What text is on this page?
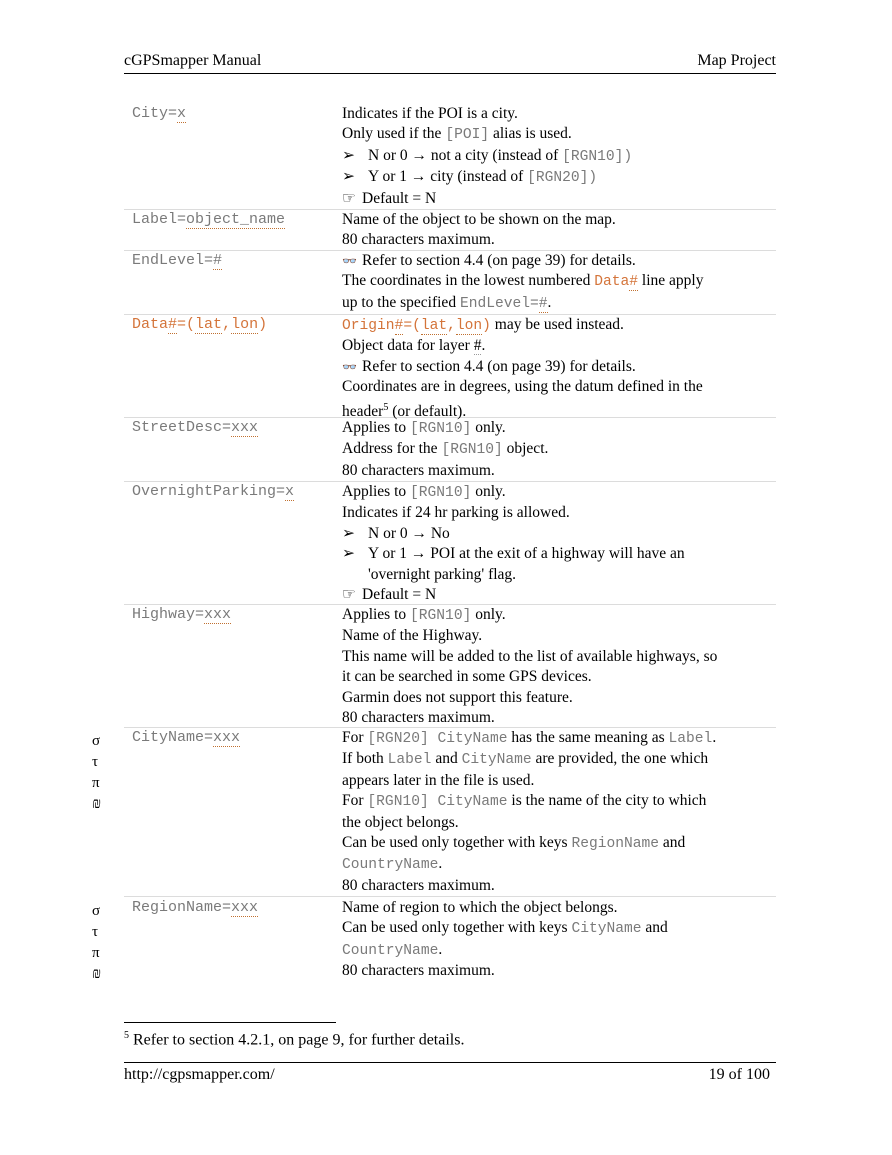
cGPSmapper Manual	Map Project
City=x	Indicates if the POI is a city.
Only used if the [POI] alias is used.
➢ N or 0 → not a city (instead of [RGN10])
➢ Y or 1 → city (instead of [RGN20])
☞ Default = N
Label=object_name	Name of the object to be shown on the map.
80 characters maximum.
EndLevel=#	👓 Refer to section 4.4 (on page 39) for details.
The coordinates in the lowest numbered Data# line apply
up to the specified EndLevel=#.
Data#=(lat,lon)	Origin#=(lat,lon) may be used instead.
Object data for layer #.
👓 Refer to section 4.4 (on page 39) for details.
Coordinates are in degrees, using the datum defined in the
header$^5$ (or default).
StreetDesc=xxx	Applies to [RGN10] only.
Address for the [RGN10] object.
80 characters maximum.
OvernightParking=x	Applies to [RGN10] only.
Indicates if 24 hr parking is allowed.
➢ N or 0 → No
➢ Y or 1 → POI at the exit of a highway will have an
'overnight parking' flag.
☞ Default = N
Highway=xxx	Applies to [RGN10] only.
Name of the Highway.
This name will be added to the list of available highways, so
it can be searched in some GPS devices.
Garmin does not support this feature.
80 characters maximum.
σ
τ
π
₪
CityName=xxx	For [RGN20] CityName has the same meaning as Label.
If both Label and CityName are provided, the one which
appears later in the file is used.
For [RGN10] CityName is the name of the city to which
the object belongs.
Can be used only together with keys RegionName and
CountryName.
80 characters maximum.
σ
τ
π
₪
RegionName=xxx	Name of region to which the object belongs.
Can be used only together with keys CityName and
CountryName.
80 characters maximum.
$^5$ Refer to section 4.2.1, on page 9, for further details.
http://cgpsmapper.com/	19 of 100
